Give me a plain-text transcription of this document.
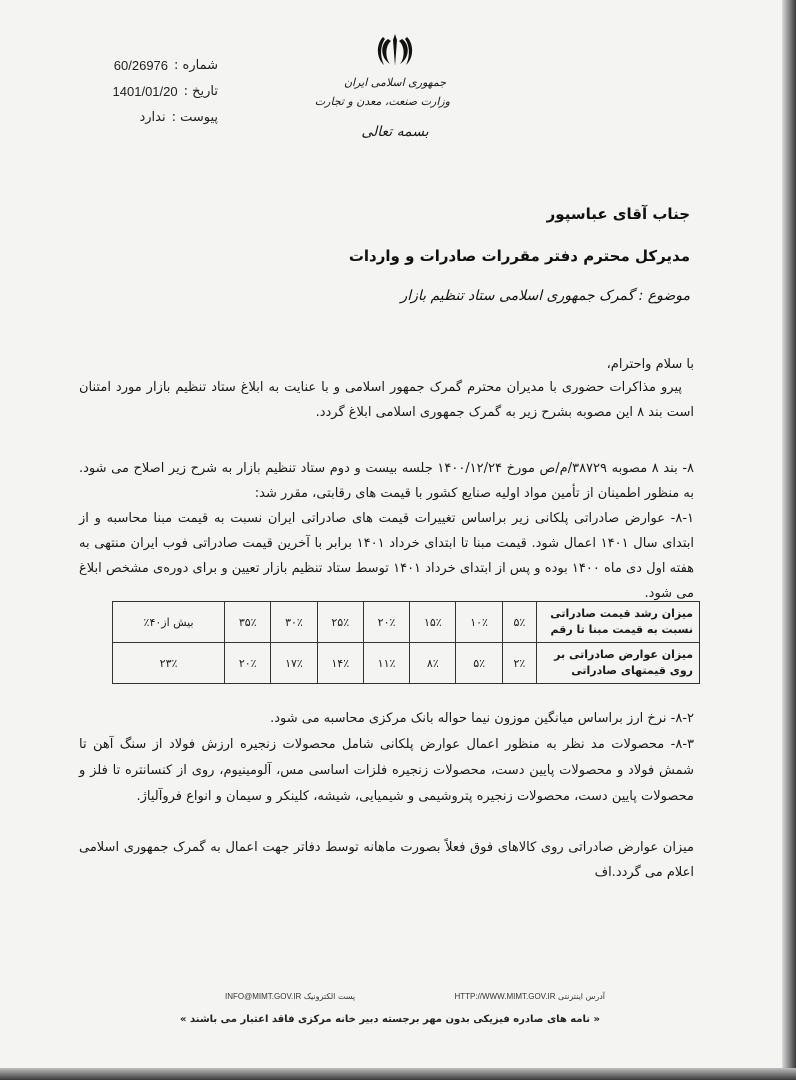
شماره :
60/26976
تاریخ :
1401/01/20
پیوست :
ندارد
جمهوری اسلامی ایران
وزارت صنعت، معدن و تجارت
بسمه تعالی
جناب آقای عباسپور
مدیرکل محترم دفتر مقررات صادرات و واردات
موضوع : گمرک جمهوری اسلامی ستاد تنظیم بازار
با سلام واحترام،
پیرو مذاکرات حضوری با مدیران محترم گمرک جمهور اسلامی و با عنایت به ابلاغ ستاد تنظیم بازار مورد امتنان است بند ۸ این مصوبه بشرح زیر به گمرک جمهوری اسلامی ابلاغ گردد.
۸- بند ۸ مصوبه ۳۸۷۲۹/م/ص مورخ ۱۴۰۰/۱۲/۲۴ جلسه بیست و دوم ستاد تنظیم بازار به شرح زیر اصلاح می شود. به منظور اطمینان از تأمین مواد اولیه صنایع کشور با قیمت های رقابتی، مقرر شد:
۸-۱- عوارض صادراتی پلکانی زیر براساس تغییرات قیمت های صادراتی ایران نسبت به قیمت مبنا محاسبه و از ابتدای سال ۱۴۰۱ اعمال شود. قیمت مبنا تا ابتدای خرداد ۱۴۰۱ برابر با آخرین قیمت صادراتی فوب ایران منتهی به هفته اول دی ماه ۱۴۰۰ بوده و پس از ابتدای خرداد ۱۴۰۱ توسط ستاد تنظیم بازار تعیین و برای دوره‌ی مشخص ابلاغ می شود.
میزان رشد قیمت صادراتی نسبت به قیمت مبنا تا رقم	۵٪	۱۰٪	۱۵٪	۲۰٪	۲۵٪	۳۰٪	۳۵٪	بیش از۴۰٪
میزان عوارض صادراتی بر روی قیمتهای صادراتی	۲٪	۵٪	۸٪	۱۱٪	۱۴٪	۱۷٪	۲۰٪	۲۳٪
۸-۲- نرخ ارز براساس میانگین موزون نیما حواله بانک مرکزی محاسبه می شود.
۸-۳- محصولات مد نظر به منظور اعمال عوارض پلکانی شامل محصولات زنجیره ارزش فولاد از سنگ آهن تا شمش فولاد و محصولات پایین دست، محصولات زنجیره فلزات اساسی مس، آلومینیوم، روی از کنسانتره تا فلز و محصولات پایین دست، محصولات زنجیره پتروشیمی و شیمیایی، شیشه، کلینکر و سیمان و انواع فروآلیاژ.
میزان عوارض صادراتی روی کالاهای فوق فعلاً بصورت ماهانه توسط دفاتر جهت اعمال به گمرک جمهوری اسلامی اعلام می گردد.اف
آدرس اینترنتی HTTP://WWW.MIMT.GOV.IR
پست الکترونیک INFO@MIMT.GOV.IR
« نامه های صادره فیزیکی بدون مهر برجسته دبیر خانه مرکزی فاقد اعتبار می باشند »
